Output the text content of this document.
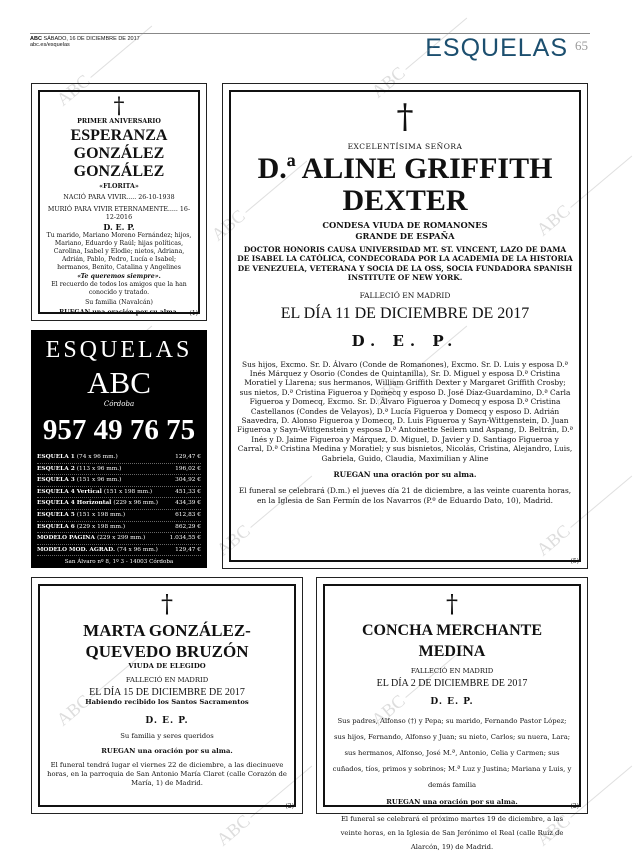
ABC SÁBADO, 16 DE DICIEMBRE DE 2017
abc.es/esquelas	ESQUELAS 65
ABC	ABC
ABC	ABC
ABC
ABC	ABC
ABC	ABC
ABC	ABC
†
PRIMER ANIVERSARIO
ESPERANZA GONZÁLEZ
GONZÁLEZ
«FLORITA»
NACIÓ PARA VIVIR..... 26-10-1938
MURIÓ PARA VIVIR ETERNAMENTE..... 16-12-2016
D. E. P.
Tu marido, Mariano Moreno Fernández; hijos, Mariano, Eduardo y Raúl; hijas políticas, Carolina, Isabel y Elodie; nietos, Adriana, Adrián, Pablo, Pedro, Lucía e Isabel; hermanos, Benito, Catalina y Angelines
«Te queremos siempre».
El recuerdo de todos los amigos que la han conocido y tratado.
Su familia (Navalcán)
RUEGAN una oración por su alma.	(1)
ESQUELAS
ABC
Córdoba
957 49 76 75
ESQUELA 1 (74 x 96 mm.)	129,47 €
ESQUELA 2 (113 x 96 mm.)	196,02 €
ESQUELA 3 (151 x 96 mm.)	304,92 €
ESQUELA 4 Vertical (151 x 198 mm.)	451,33 €
ESQUELA 4 Horizontal (229 x 96 mm.)	434,39 €
ESQUELA 5 (151 x 198 mm.)	612,83 €
ESQUELA 6 (229 x 198 mm.)	862,29 €
MODELO PAGINA (229 x 299 mm.)	1.034,55 €
MODELO MOD. AGRAD. (74 x 96 mm.)	129,47 €
San Álvaro nº 8, 1º 3 - 14003 Córdoba
Precios I.V.A. incluido.
†
EXCELENTÍSIMA SEÑORA
D.ª ALINE GRIFFITH DEXTER
CONDESA VIUDA DE ROMANONES
GRANDE DE ESPAÑA
DOCTOR HONORIS CAUSA UNIVERSIDAD MT. ST. VINCENT, LAZO DE DAMA DE ISABEL LA CATÓLICA, CONDECORADA POR LA ACADEMIA DE LA HISTORIA DE VENEZUELA, VETERANA Y SOCIA DE LA OSS, SOCIA FUNDADORA SPANISH INSTITUTE OF NEW YORK.
FALLECIÓ EN MADRID
EL DÍA 11 DE DICIEMBRE DE 2017
D. E. P.
Sus hijos, Excmo. Sr. D. Álvaro (Conde de Romanones), Excmo. Sr. D. Luis y esposa D.ª Inés Márquez y Osorio (Condes de Quintanilla), Sr. D. Miguel y esposa D.ª Cristina Moratiel y Llarena; sus hermanos, William Griffith Dexter y Margaret Griffith Crosby; sus nietos, D.ª Cristina Figueroa y Domecq y esposo D. José Díaz-Guardamino, D.ª Carla Figueroa y Domecq, Excmo. Sr. D. Álvaro Figueroa y Domecq y esposa D.ª Cristina Castellanos (Condes de Velayos), D.ª Lucía Figueroa y Domecq y esposo D. Adrián Saavedra, D. Alonso Figueroa y Domecq, D. Luis Figueroa y Sayn-Wittgenstein, D. Juan Figueroa y Sayn-Wittgenstein y esposa D.ª Antoinette Seilern und Aspang, D. Beltrán, D.ª Inés y D. Jaime Figueroa y Márquez, D. Miguel, D. Javier y D. Santiago Figueroa y Carral, D.ª Cristina Medina y Moratiel; y sus bisnietos, Nicolás, Cristina, Alejandro, Luis, Gabriela, Guido, Claudia, Maximilian y Aline
RUEGAN una oración por su alma.
El funeral se celebrará (D.m.) el jueves día 21 de diciembre, a las veinte cuarenta horas, en la Iglesia de San Fermín de los Navarros (P.º de Eduardo Dato, 10), Madrid.
(5)
†
MARTA GONZÁLEZ-QUEVEDO BRUZÓN
VIUDA DE ELEGIDO
FALLECIÓ EN MADRID
EL DÍA 15 DE DICIEMBRE DE 2017
Habiendo recibido los Santos Sacramentos
D. E. P.
Su familia y seres queridos
RUEGAN una oración por su alma.
El funeral tendrá lugar el viernes 22 de diciembre, a las diecinueve horas, en la parroquia de San Antonio María Claret (calle Corazón de María, 1) de Madrid.
(2)
†
CONCHA MERCHANTE MEDINA
FALLECIÓ EN MADRID
EL DÍA 2 DE DICIEMBRE DE 2017
D. E. P.
Sus padres, Alfonso (†) y Pepa; su marido, Fernando Pastor López; sus hijos, Fernando, Alfonso y Juan; su nieto, Carlos; su nuera, Lara; sus hermanos, Alfonso, José M.ª, Antonio, Celia y Carmen; sus cuñados, tíos, primos y sobrinos; M.ª Luz y Justina; Mariana y Luis, y demás familia
RUEGAN una oración por su alma.
El funeral se celebrará el próximo martes 19 de diciembre, a las veinte horas, en la Iglesia de San Jerónimo el Real (calle Ruiz de Alarcón, 19) de Madrid.
(2)
